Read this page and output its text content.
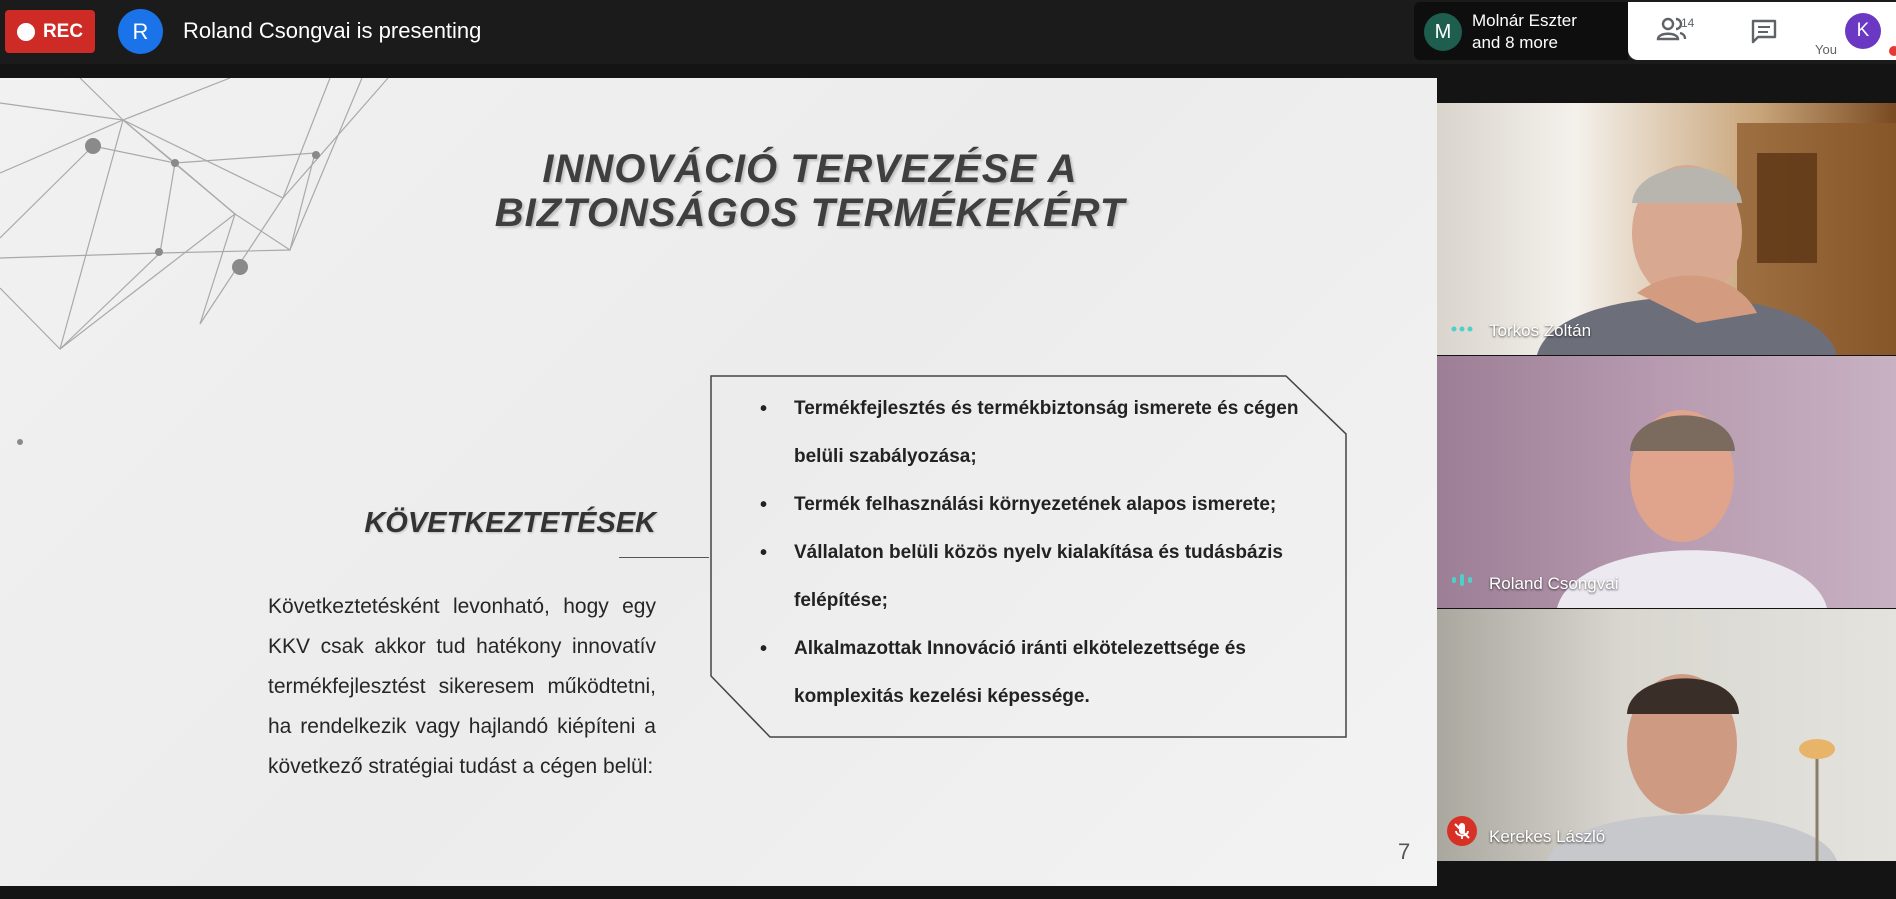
REC R Roland Csongvai is presenting	M Molnár Eszter
and 8 more
14
You
K
INNOVÁCIÓ TERVEZÉSE A
BIZTONSÁGOS TERMÉKEKÉRT
KÖVETKEZTETÉSEK
Következtetésként levonható, hogy egy KKV csak akkor tud hatékony innovatív termékfejlesztést sikeresem működtetni, ha rendelkezik vagy hajlandó kiépíteni a következő stratégiai tudást a cégen belül:
• Termékfejlesztés és termékbiztonság ismerete és cégen belüli szabályozása;
• Termék felhasználási környezetének alapos ismerete;
• Vállalaton belüli közös nyelv kialakítása és tudásbázis felépítése;
• Alkalmazottak Innováció iránti elkötelezettsége és komplexitás kezelési képessége.
7
Torkos Zoltán
Roland Csongvai
Kerekes László
